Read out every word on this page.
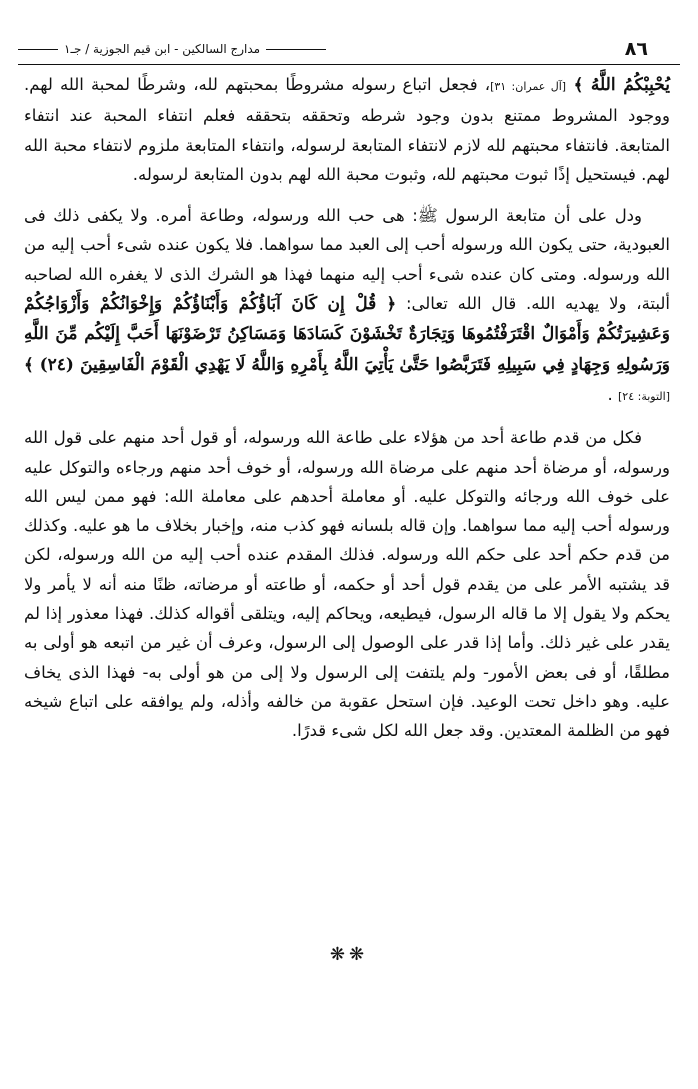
٨٦
مدارج السالكين - ابن قيم الجوزية / جـ١

يُحْبِبْكُمُ اللَّهُ ﴾ [آل عمران: ٣١]، فجعل اتباع رسوله مشروطًا بمحبتهم لله، وشرطًا لمحبة الله لهم. ووجود المشروط ممتنع بدون وجود شرطه وتحققه بتحققه فعلم انتفاء المحبة عند انتفاء المتابعة. فانتفاء محبتهم لله لازم لانتفاء المتابعة لرسوله، وانتفاء المتابعة ملزوم لانتفاء محبة الله لهم. فيستحيل إذًا ثبوت محبتهم لله، وثبوت محبة الله لهم بدون المتابعة لرسوله.

ودل على أن متابعة الرسول ﷺ: هى حب الله ورسوله، وطاعة أمره. ولا يكفى ذلك فى العبودية، حتى يكون الله ورسوله أحب إلى العبد مما سواهما. فلا يكون عنده شىء أحب إليه من الله ورسوله. ومتى كان عنده شىء أحب إليه منهما فهذا هو الشرك الذى لا يغفره الله لصاحبه ألبتة، ولا يهديه الله. قال الله تعالى: ﴿ قُلْ إِن كَانَ آبَاؤُكُمْ وَأَبْنَاؤُكُمْ وَإِخْوَانُكُمْ وَأَزْوَاجُكُمْ وَعَشِيرَتُكُمْ وَأَمْوَالٌ اقْتَرَفْتُمُوهَا وَتِجَارَةٌ تَخْشَوْنَ كَسَادَهَا وَمَسَاكِنُ تَرْضَوْنَهَا أَحَبَّ إِلَيْكُم مِّنَ اللَّهِ وَرَسُولِهِ وَجِهَادٍ فِي سَبِيلِهِ فَتَرَبَّصُوا حَتَّىٰ يَأْتِيَ اللَّهُ بِأَمْرِهِ وَاللَّهُ لَا يَهْدِي الْقَوْمَ الْفَاسِقِينَ (٢٤) ﴾ [التوبة: ٢٤] .

فكل من قدم طاعة أحد من هؤلاء على طاعة الله ورسوله، أو قول أحد منهم على قول الله ورسوله، أو مرضاة أحد منهم على مرضاة الله ورسوله، أو خوف أحد منهم ورجاءه والتوكل عليه على خوف الله ورجائه والتوكل عليه. أو معاملة أحدهم على معاملة الله: فهو ممن ليس الله ورسوله أحب إليه مما سواهما. وإن قاله بلسانه فهو كذب منه، وإخبار بخلاف ما هو عليه. وكذلك من قدم حكم أحد على حكم الله ورسوله. فذلك المقدم عنده أحب إليه من الله ورسوله، لكن قد يشتبه الأمر على من يقدم قول أحد أو حكمه، أو طاعته أو مرضاته، ظنًا منه أنه لا يأمر ولا يحكم ولا يقول إلا ما قاله الرسول، فيطيعه، ويحاكم إليه، ويتلقى أقواله كذلك. فهذا معذور إذا لم يقدر على غير ذلك. وأما إذا قدر على الوصول إلى الرسول، وعرف أن غير من اتبعه هو أولى به مطلقًا، أو فى بعض الأمور- ولم يلتفت إلى الرسول ولا إلى من هو أولى به- فهذا الذى يخاف عليه. وهو داخل تحت الوعيد. فإن استحل عقوبة من خالفه وأذله، ولم يوافقه على اتباع شيخه فهو من الظلمة المعتدين. وقد جعل الله لكل شىء قدرًا.

❋❋
